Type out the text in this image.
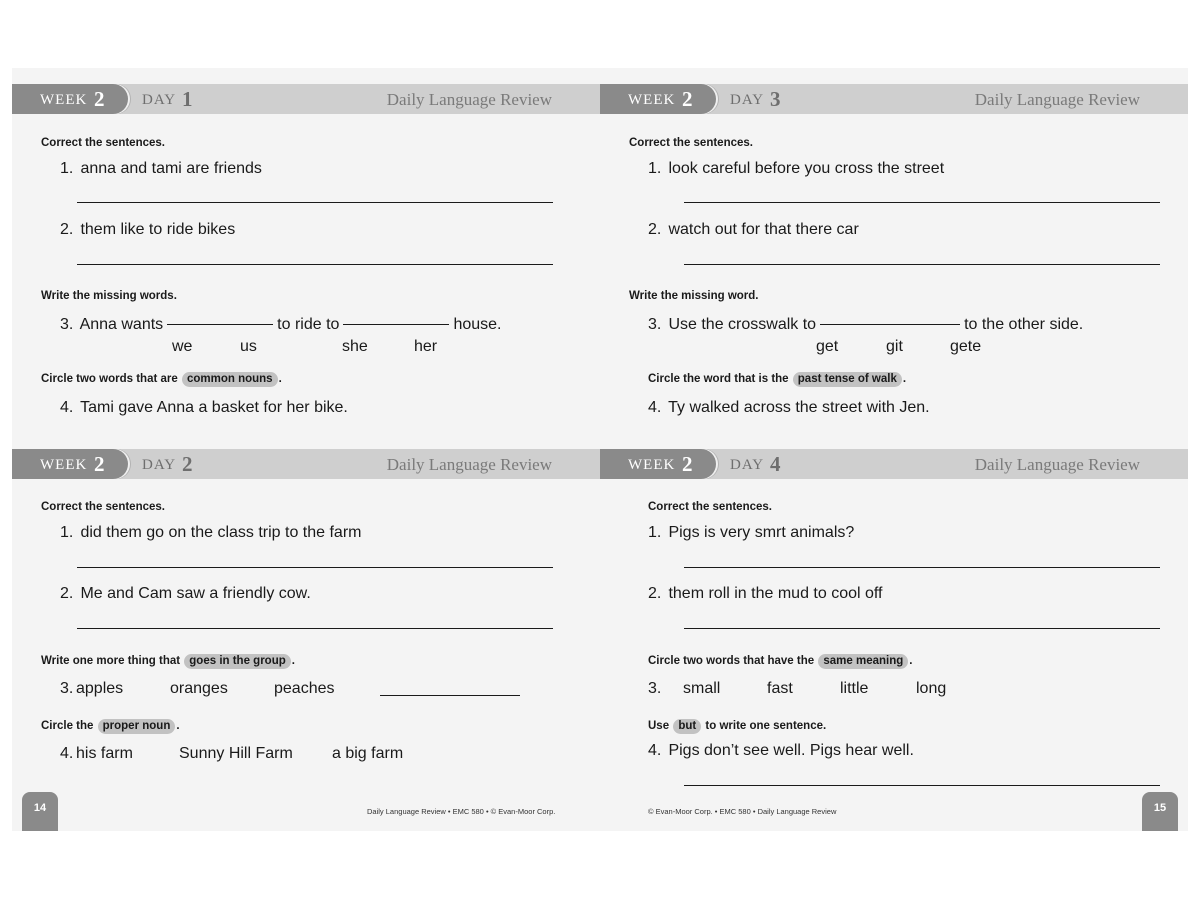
WEEK 2	DAY 1	Daily Language Review
Correct the sentences.
1. anna and tami are friends
2. them like to ride bikes
Write the missing words.
3. Anna wants	to ride to	house.
we	us	she	her
Circle two words that are common nouns .
4. Tami gave Anna a basket for her bike.
WEEK 2	DAY 2	Daily Language Review
Correct the sentences.
1. did them go on the class trip to the farm
2. Me and Cam saw a friendly cow.
Write one more thing that goes in the group .
3. apples	oranges	peaches
Circle the proper noun .
4. his farm	Sunny Hill Farm a big farm
14	Daily Language Review • EMC 580 • © Evan-Moor Corp.
WEEK 2	DAY 3	Daily Language Review
Correct the sentences.
1. look careful before you cross the street
2. watch out for that there car
Write the missing word.
3. Use the crosswalk to	to the other side.
get	git	gete
Circle the word that is the past tense of walk .
4. Ty walked across the street with Jen.
WEEK 2	DAY 4	Daily Language Review
Correct the sentences.
1. Pigs is very smrt animals?
2. them roll in the mud to cool off
Circle two words that have the same meaning .
3. small	fast	little	long
Use but to write one sentence.
4. Pigs don’t see well. Pigs hear well.
15
© Evan-Moor Corp. • EMC 580 • Daily Language Review
